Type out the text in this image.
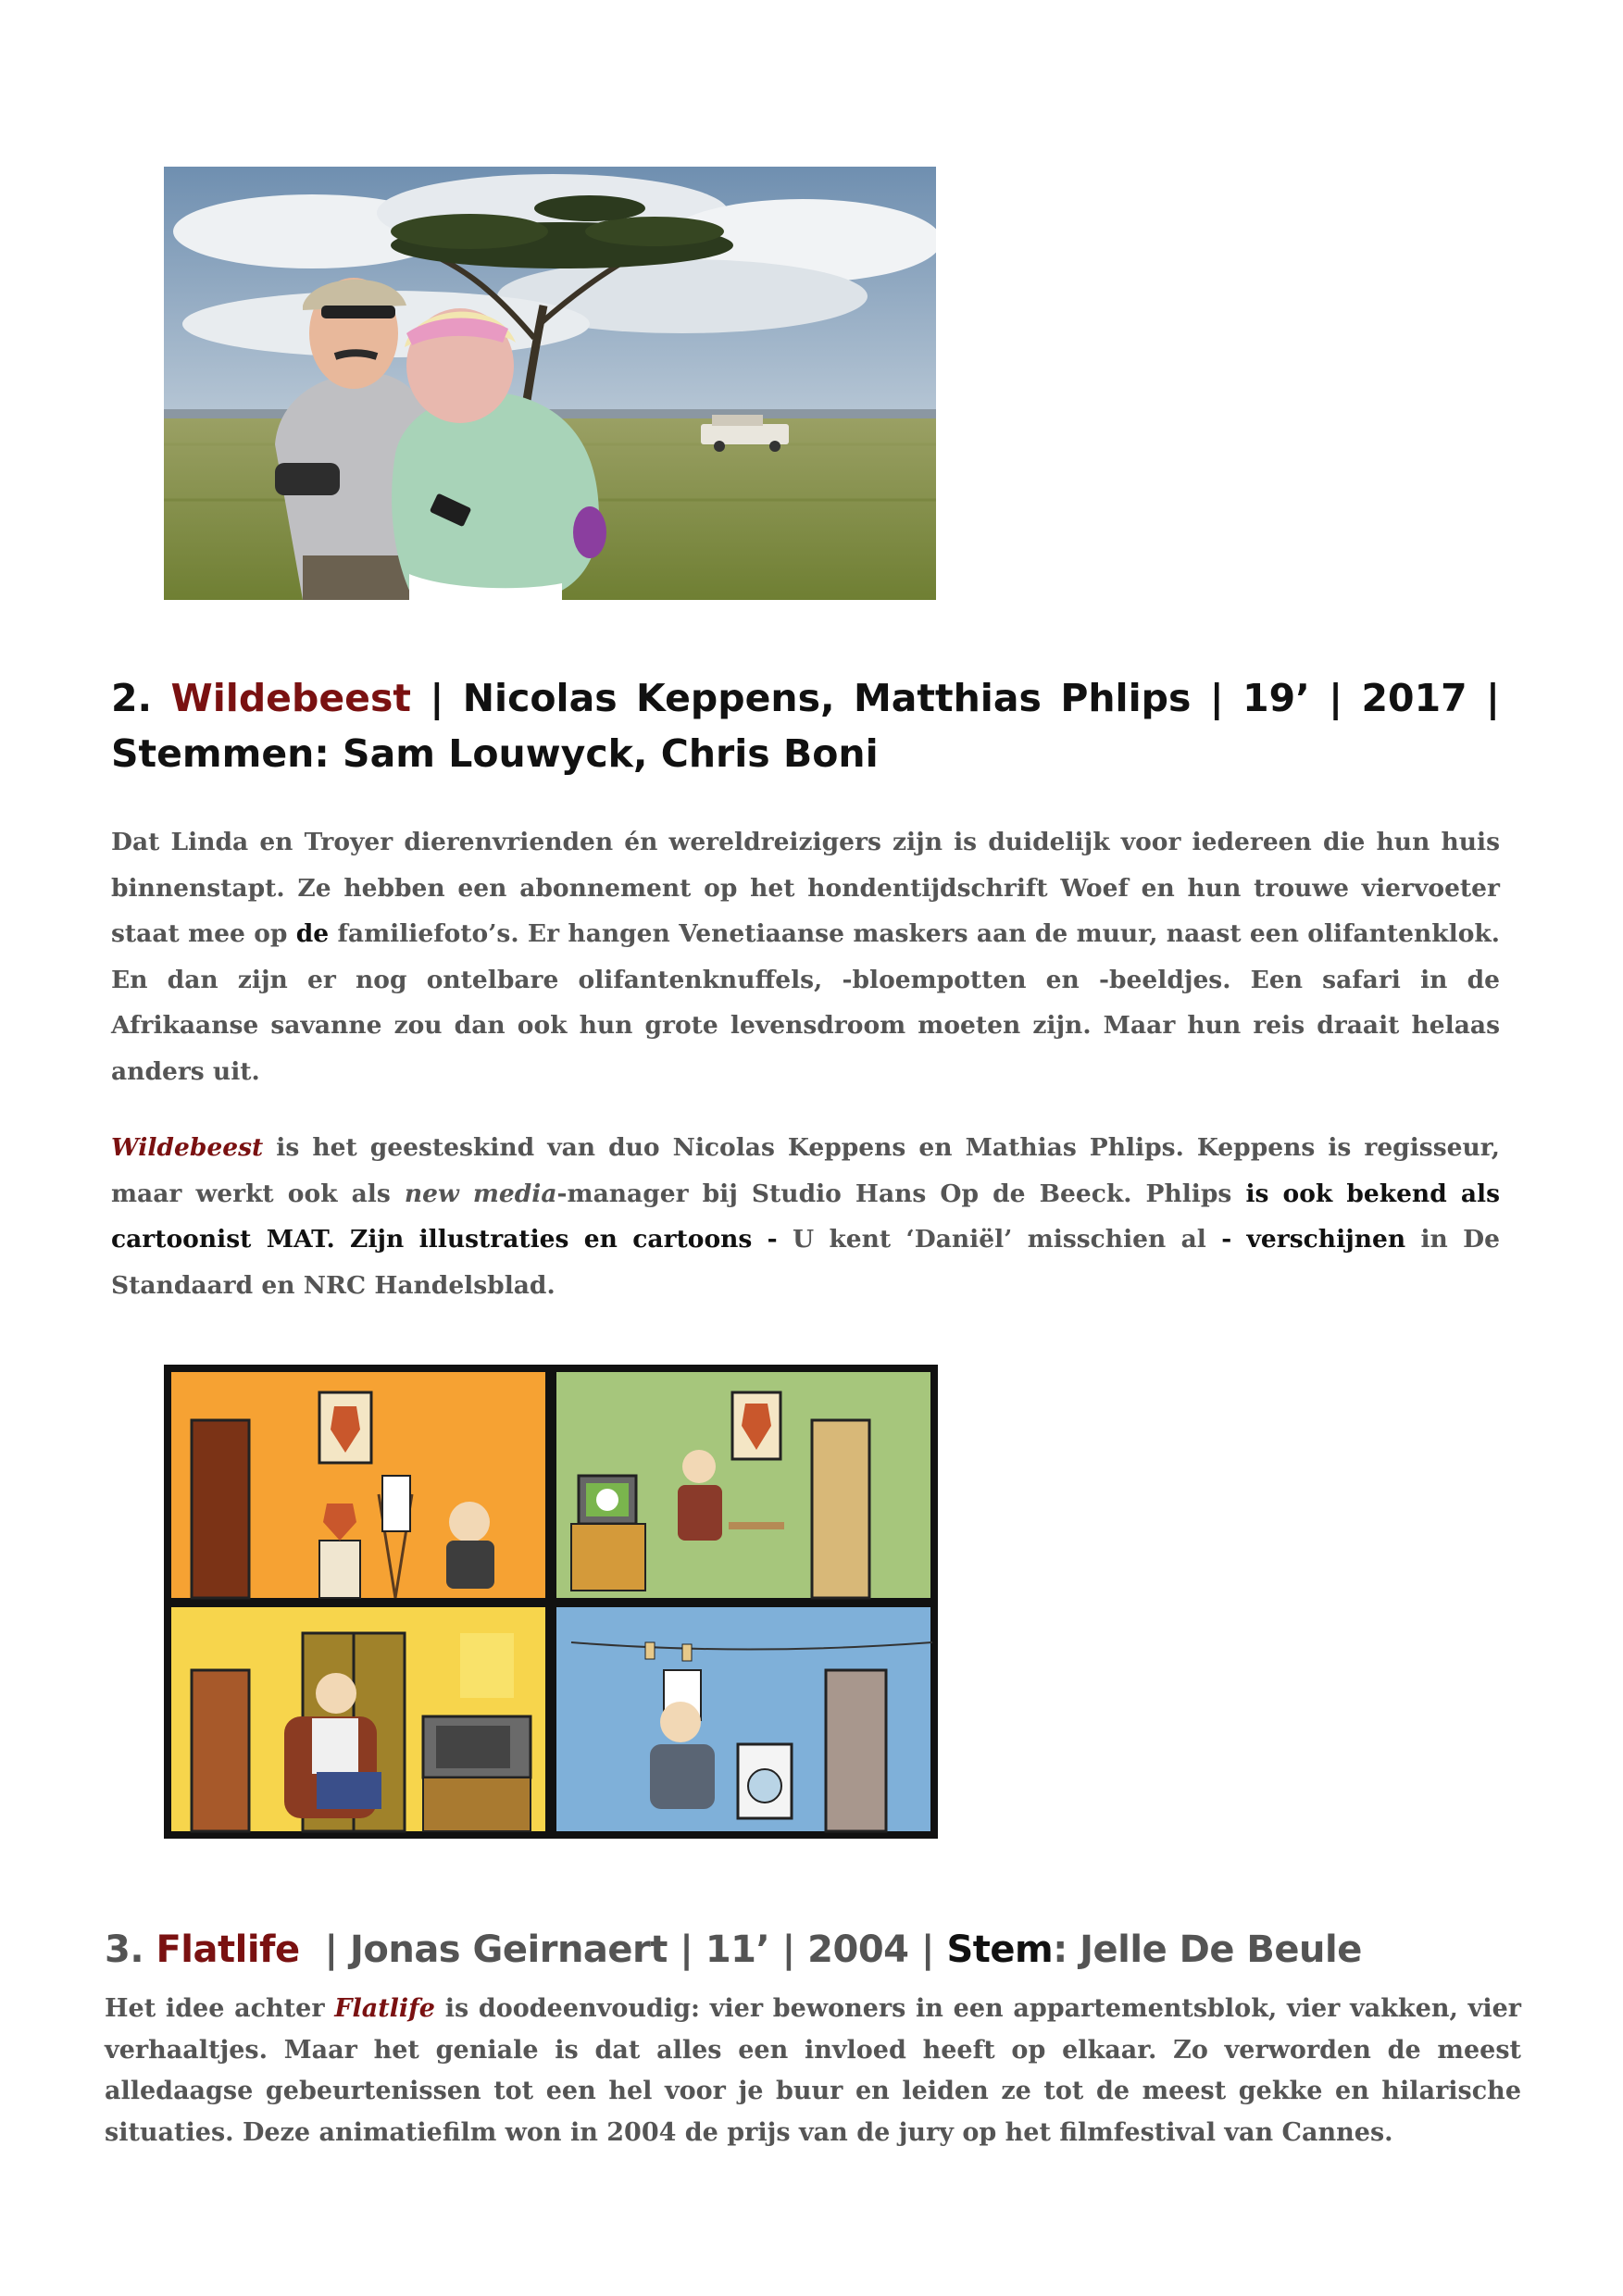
2. Wildebeest | Nicolas Keppens, Matthias Phlips | 19’ | 2017 | Stemmen: Sam Louwyck, Chris Boni

Dat Linda en Troyer dierenvrienden én wereldreizigers zijn is duidelijk voor iedereen die hun huis binnenstapt. Ze hebben een abonnement op het hondentijdschrift Woef en hun trouwe viervoeter staat mee op de familiefoto’s. Er hangen Venetiaanse maskers aan de muur, naast een olifantenklok. En dan zijn er nog ontelbare olifantenknuffels, -bloempotten en -beeldjes. Een safari in de Afrikaanse savanne zou dan ook hun grote levensdroom moeten zijn. Maar hun reis draait helaas anders uit.

Wildebeest is het geesteskind van duo Nicolas Keppens en Mathias Phlips. Keppens is regisseur, maar werkt ook als new media-manager bij Studio Hans Op de Beeck. Phlips is ook bekend als cartoonist MAT. Zijn illustraties en cartoons - U kent ‘Daniël’ misschien al - verschijnen in De Standaard en NRC Handelsblad.

3. Flatlife | Jonas Geirnaert | 11’ | 2004 | Stem: Jelle De Beule

Het idee achter Flatlife is doodeenvoudig: vier bewoners in een appartementsblok, vier vakken, vier verhaaltjes. Maar het geniale is dat alles een invloed heeft op elkaar. Zo verworden de meest alledaagse gebeurtenissen tot een hel voor je buur en leiden ze tot de meest gekke en hilarische situaties. Deze animatiefilm won in 2004 de prijs van de jury op het filmfestival van Cannes.
